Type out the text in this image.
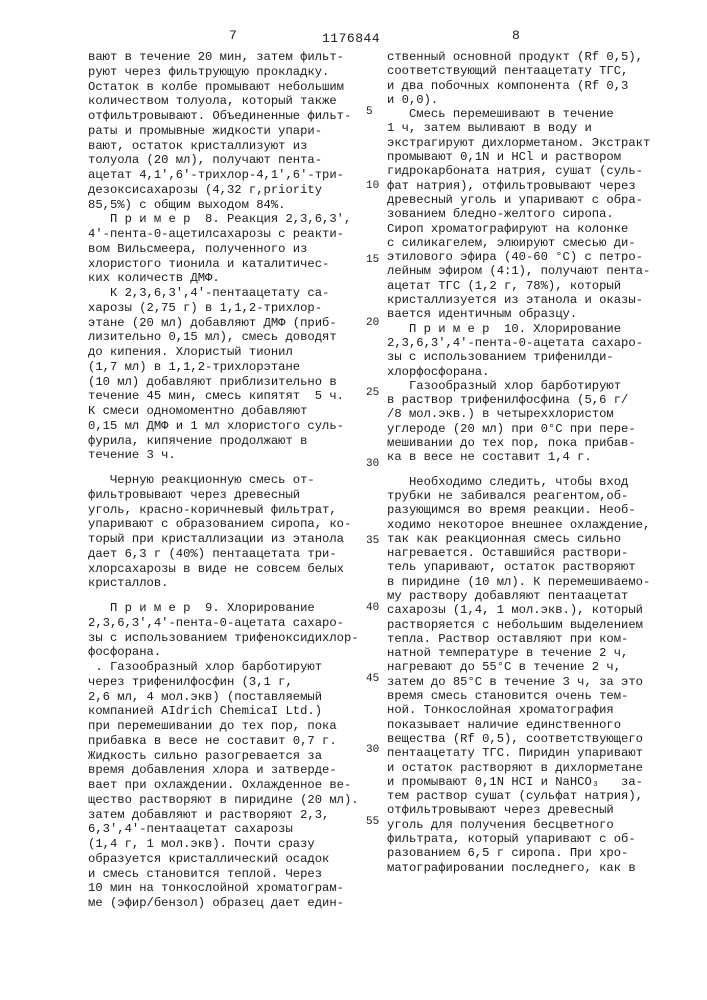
7	1176844	8
вают в течение 20 мин, затем фильт-
руют через фильтрующую прокладку.
Остаток в колбе промывают небольшим
количеством толуола, который также
отфильтровывают. Объединенные фильт-
раты и промывные жидкости упари-
вают, остаток кристаллизуют из
толуола (20 мл), получают пента-
ацетат 4,1′,6′-трихлор-4,1′,6′-три-
дезоксисахарозы (4,32 г,priority
85,5%) с общим выходом 84%.
П р и м е р  8. Реакция 2,3,6,3′,
4′-пента-0-ацетилсахарозы с реакти-
вом Вильсмеера, полученного из
хлористого тионила и каталитичес-
ких количеств ДМФ.
К 2,3,6,3′,4′-пентаацетату са-
харозы (2,75 г) в 1,1,2-трихлор-
этане (20 мл) добавляют ДМФ (приб-
лизительно 0,15 мл), смесь доводят
до кипения. Хлористый тионил
(1,7 мл) в 1,1,2-трихлорэтане
(10 мл) добавляют приблизительно в
течение 45 мин, смесь кипятят  5 ч.
К смеси одномоментно добавляют
0,15 мл ДМФ и 1 мл хлористого суль-
фурила, кипячение продолжают в
течение 3 ч.
Черную реакционную смесь от-
фильтровывают через древесный
уголь, красно-коричневый фильтрат,
упаривают с образованием сиропа, ко-
торый при кристаллизации из этанола
дает 6,3 г (40%) пентаацетата три-
хлорсахарозы в виде не совсем белых
кристаллов.
П р и м е р  9. Хлорирование
2,3,6,3′,4′-пента-0-ацетата сахаро-
зы с использованием трифеноксидихлор-
фосфорана.
. Газообразный хлор барботируют
через трифенилфосфин (3,1 г,
2,6 мл, 4 мол.экв) (поставляемый
компанией AIdrich ChemicaI Ltd.)
при перемешивании до тех пор, пока
прибавка в весе не составит 0,7 г.
Жидкость сильно разогревается за
время добавления хлора и затверде-
вает при охлаждении. Охлажденное ве-
щество растворяют в пиридине (20 мл).
затем добавляют и растворяют 2,3,
6,3′,4′-пентаацетат сахарозы
(1,4 г, 1 мол.экв). Почти сразу
образуется кристаллический осадок
и смесь становится теплой. Через
10 мин на тонкослойной хроматограм-
ме (эфир/бензол) образец дает един-
ственный основной продукт (Rf 0,5),
соответствующий пентаацетату ТГС,
и два побочных компонента (Rf 0,3
и 0,0).
Смесь перемешивают в течение
1 ч, затем выливают в воду и
экстрагируют дихлорметаном. Экстракт
промывают 0,1N и HCl и раствором
гидрокарбоната натрия, сушат (суль-
фат натрия), отфильтровывают через
древесный уголь и упаривают с обра-
зованием бледно-желтого сиропа.
Сироп хроматографируют на колонке
с силикагелем, элюируют смесью ди-
этилового эфира (40-60 °С) с петро-
лейным эфиром (4:1), получают пента-
ацетат ТГС (1,2 г, 78%), который
кристаллизуется из этанола и оказы-
вается идентичным образцу.
П р и м е р  10. Хлорирование
2,3,6,3′,4′-пента-0-ацетата сахаро-
зы с использованием трифенилди-
хлорфосфорана.
Газообразный хлор барботируют
в раствор трифенилфосфина (5,6 г/
/8 мол.экв.) в четыреххлористом
углероде (20 мл) при 0°С при пере-
мешивании до тех пор, пока прибав-
ка в весе не составит 1,4 г.
Необходимо следить, чтобы вход
трубки не забивался реагентом,об-
разующимся во время реакции. Необ-
ходимо некоторое внешнее охлаждение,
так как реакционная смесь сильно
нагревается. Оставшийся раствори-
тель упаривают, остаток растворяют
в пиридине (10 мл). К перемешиваемо-
му раствору добавляют пентаацетат
сахарозы (1,4, 1 мол.экв.), который
растворяется с небольшим выделением
тепла. Раствор оставляют при ком-
натной температуре в течение 2 ч,
нагревают до 55°С в течение 2 ч,
затем до 85°С в течение 3 ч, за это
время смесь становится очень тем-
ной. Тонкослойная хроматография
показывает наличие единственного
вещества (Rf 0,5), соответствующего
пентаацетату ТГС. Пиридин упаривают
и остаток растворяют в дихлорметане
и промывают 0,1N HCI и NaHCO₃   за-
тем раствор сушат (сульфат натрия),
отфильтровывают через древесный
уголь для получения бесцветного
фильтрата, который упаривают с об-
разованием 6,5 г сиропа. При хро-
матографировании последнего, как в
5
10
15
20
25
30
35
40
45
30
55
